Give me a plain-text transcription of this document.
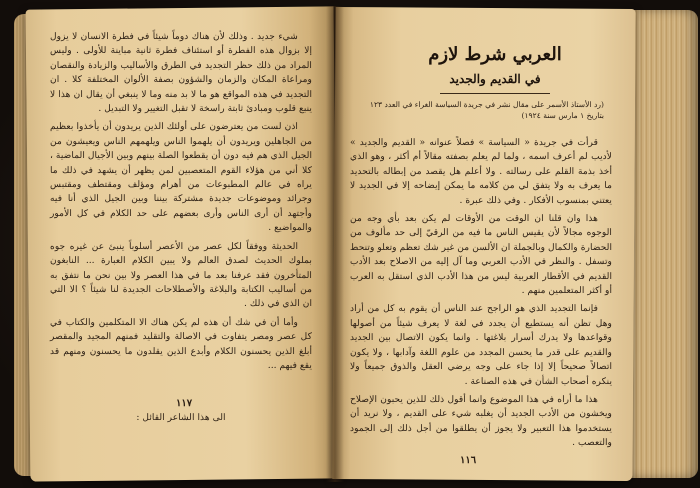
شيء جديد . وذلك لأن هناك دوماً شيئاً في فطرة الانسان لا يزول إلا بزوال هذه الفطرة أو استئناف فطرة ثانية مباينة للأولى . وليس المراد من ذلك حظر التجديد في الطرق والأساليب والزيادة والنقصان ومراعاة المكان والزمان والشؤون بصفة الألوان المختلفة كلا . ان التجديد في هذه المواقع هو ما لا بد منه وما لا ينبغي أن يقال ان هذا لا ينبع قلوب ومبادئ ثابتة راسخة لا تقبل التغيير ولا التبديل .

اذن لست من يعترضون على أولئك الذين يريدون أن يأخذوا بعظيم من الجاهلين ويريدون أن يلهموا الناس ويلهمهم الناس ويعيشون من الجيل الذي هم فيه دون أن يقطعوا الصلة بينهم وبين الأجيال الماضية ، كلا أني من هؤلاء القوم المتعصبين لمن يظهر أن يشهد في ذلك ما يراه في عالم المطبوعات من أهرام ومؤلف ومقتطف ومقتبس وجرائد وموضوعات جديدة مشتركة بيننا وبين الجيل الذي أنا فيه وأجتهد أن أرى الناس وأرى بعضهم على حد الكلام في كل الأمور والمواضيع .

الحديثة ووفقاً لكل عصر من الأعصر أسلوباً ينبئ عن غيره جوه بملوك الحديث لصدق العالم ولا يبين الكلام العبارة ... النابغون المتأخرون فقد عرفنا بعد ما في هذا العصر ولا بين نحن ما نتفق به من أساليب الكتابة والبلاغة والأصطلاحات الجديدة لنا شيئاً ؟ الا التي ان الذي في ذلك .

وأما أن في شك أن هذه لم يكن هناك الا المتكلمين والكتاب في كل عصر ومصر يتفاوت في الاصالة والتقليد فمنهم المجيد والمقصر أبلغ الذين يحسنون الكلام وأبدع الذين يقلدون ما يحسنون ومنهم قد يقع فيهم ...

١١٧
الى هذا الشاعر القائل :
العربي شرط لازم
في القديم والجديد
(رد الأستاذ الأسمر على مقال نشر في جريدة السياسة الغراء في العدد ١٢٣ بتاريخ ١ مارس سنة ١٩٢٤)

قرأت في جريدة « السياسة » فصلاً عنوانه « القديم والجديد » لأديب لم أعرف اسمه ، ولما لم يعلم بصفته مقالاً أم أكثر ، وهو الذي أخذ بذمة القلم على رسالته . ولا أعلم هل يقصد من إبطاله بالتحديد ما يعرف به ولا يتفق لي من كلامه ما يمكن إيضاحه إلا في الجديد لا يعتني بمنسوب الأفكار . وفي ذلك عبرة .

هذا وان قلنا ان الوقت من الأوقات لم يكن بعد بأي وجه من الوجوه مجالاً لأن يقيس الناس ما فيه من الرقيّ إلى حد مألوف من الحضارة والكمال وبالجملة ان الألسن من غير شك تعظم وتعلو وتنحط وتسفل . والنظر في الأدب العربي وما آل إليه من الاصلاح بعد الأدب القديم في الأقطار العربية ليس من هذا الأدب الذي استقل به العرب أو أكثر المتعلمين منهم .

فإنما التجديد الذي هو الراجح عند الناس أن يقوم به كل من أراد وهل تظن أنه يستطيع أن يجدد في لغة لا يعرف شيئاً من أصولها وقواعدها ولا يدرك أسرار بلاغتها . وانما يكون الاتصال بين الجديد والقديم على قدر ما يحسن المجدد من علوم اللغة وآدابها ، ولا يكون اتصالاً صحيحاً إلا إذا جاء على وجه يرضي العقل والذوق جميعاً ولا ينكره أصحاب الشأن في هذه الصناعة .

هذا ما أراه في هذا الموضوع وانما أقول ذلك للذين يحبون الإصلاح ويخشون من الأدب الجديد أن يغلبه شيء على القديم ، ولا نريد أن يستخدموا هذا التعبير ولا يجوز أن يطلقوا من أجل ذلك إلى الجمود والتعصب .

١١٦
